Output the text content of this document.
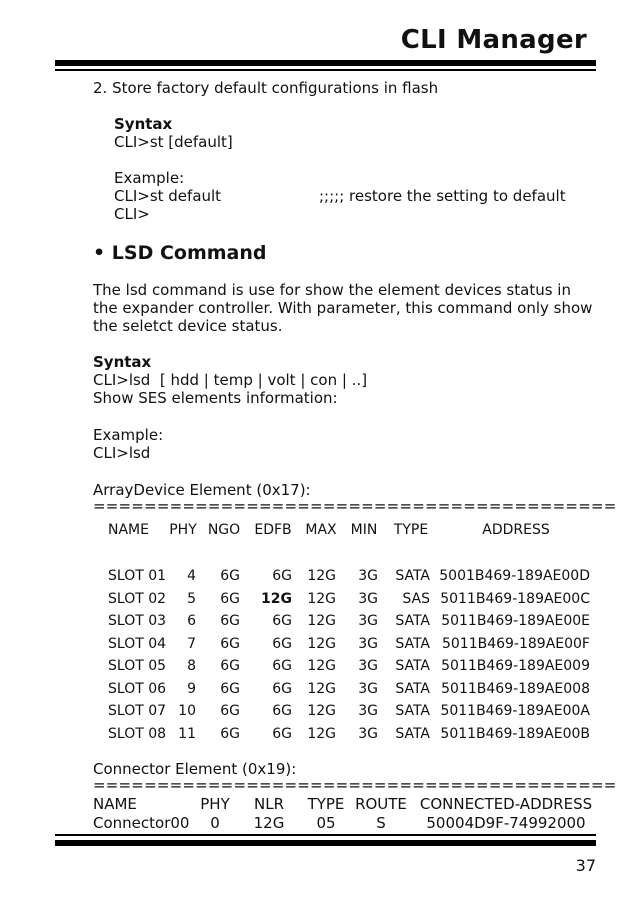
CLI Manager
2. Store factory default configurations in flash
Syntax
CLI>st [default]
Example:
CLI>st default	;;;;; restore the setting to default
CLI>
• LSD Command
The lsd command is use for show the element devices status in the expander controller. With parameter, this command only show the seletct device status.
Syntax
CLI>lsd  [ hdd | temp | volt | con | ..]
Show SES elements information:
Example:
CLI>lsd
ArrayDevice Element (0x17):
=========================================
NAME	PHY NGO	EDFB MAX	MIN	TYPE	ADDRESS
SLOT 01	4	6G	6G	12G	3G	SATA 5001B469-189AE00D
SLOT 02	5	6G	12G	12G	3G	SAS 5011B469-189AE00C
SLOT 03	6	6G	6G	12G	3G	SATA 5011B469-189AE00E
SLOT 04	7	6G	6G	12G	3G	SATA 5011B469-189AE00F
SLOT 05	8	6G	6G	12G	3G	SATA 5011B469-189AE009
SLOT 06	9	6G	6G	12G	3G	SATA 5011B469-189AE008
SLOT 07 10	6G	6G	12G	3G	SATA 5011B469-189AE00A
SLOT 08 11	6G	6G	12G	3G	SATA 5011B469-189AE00B
Connector Element (0x19):
=========================================
NAME	PHY	NLR	TYPE ROUTE CONNECTED-ADDRESS
Connector00	0	12G	05	S	50004D9F-74992000
37
